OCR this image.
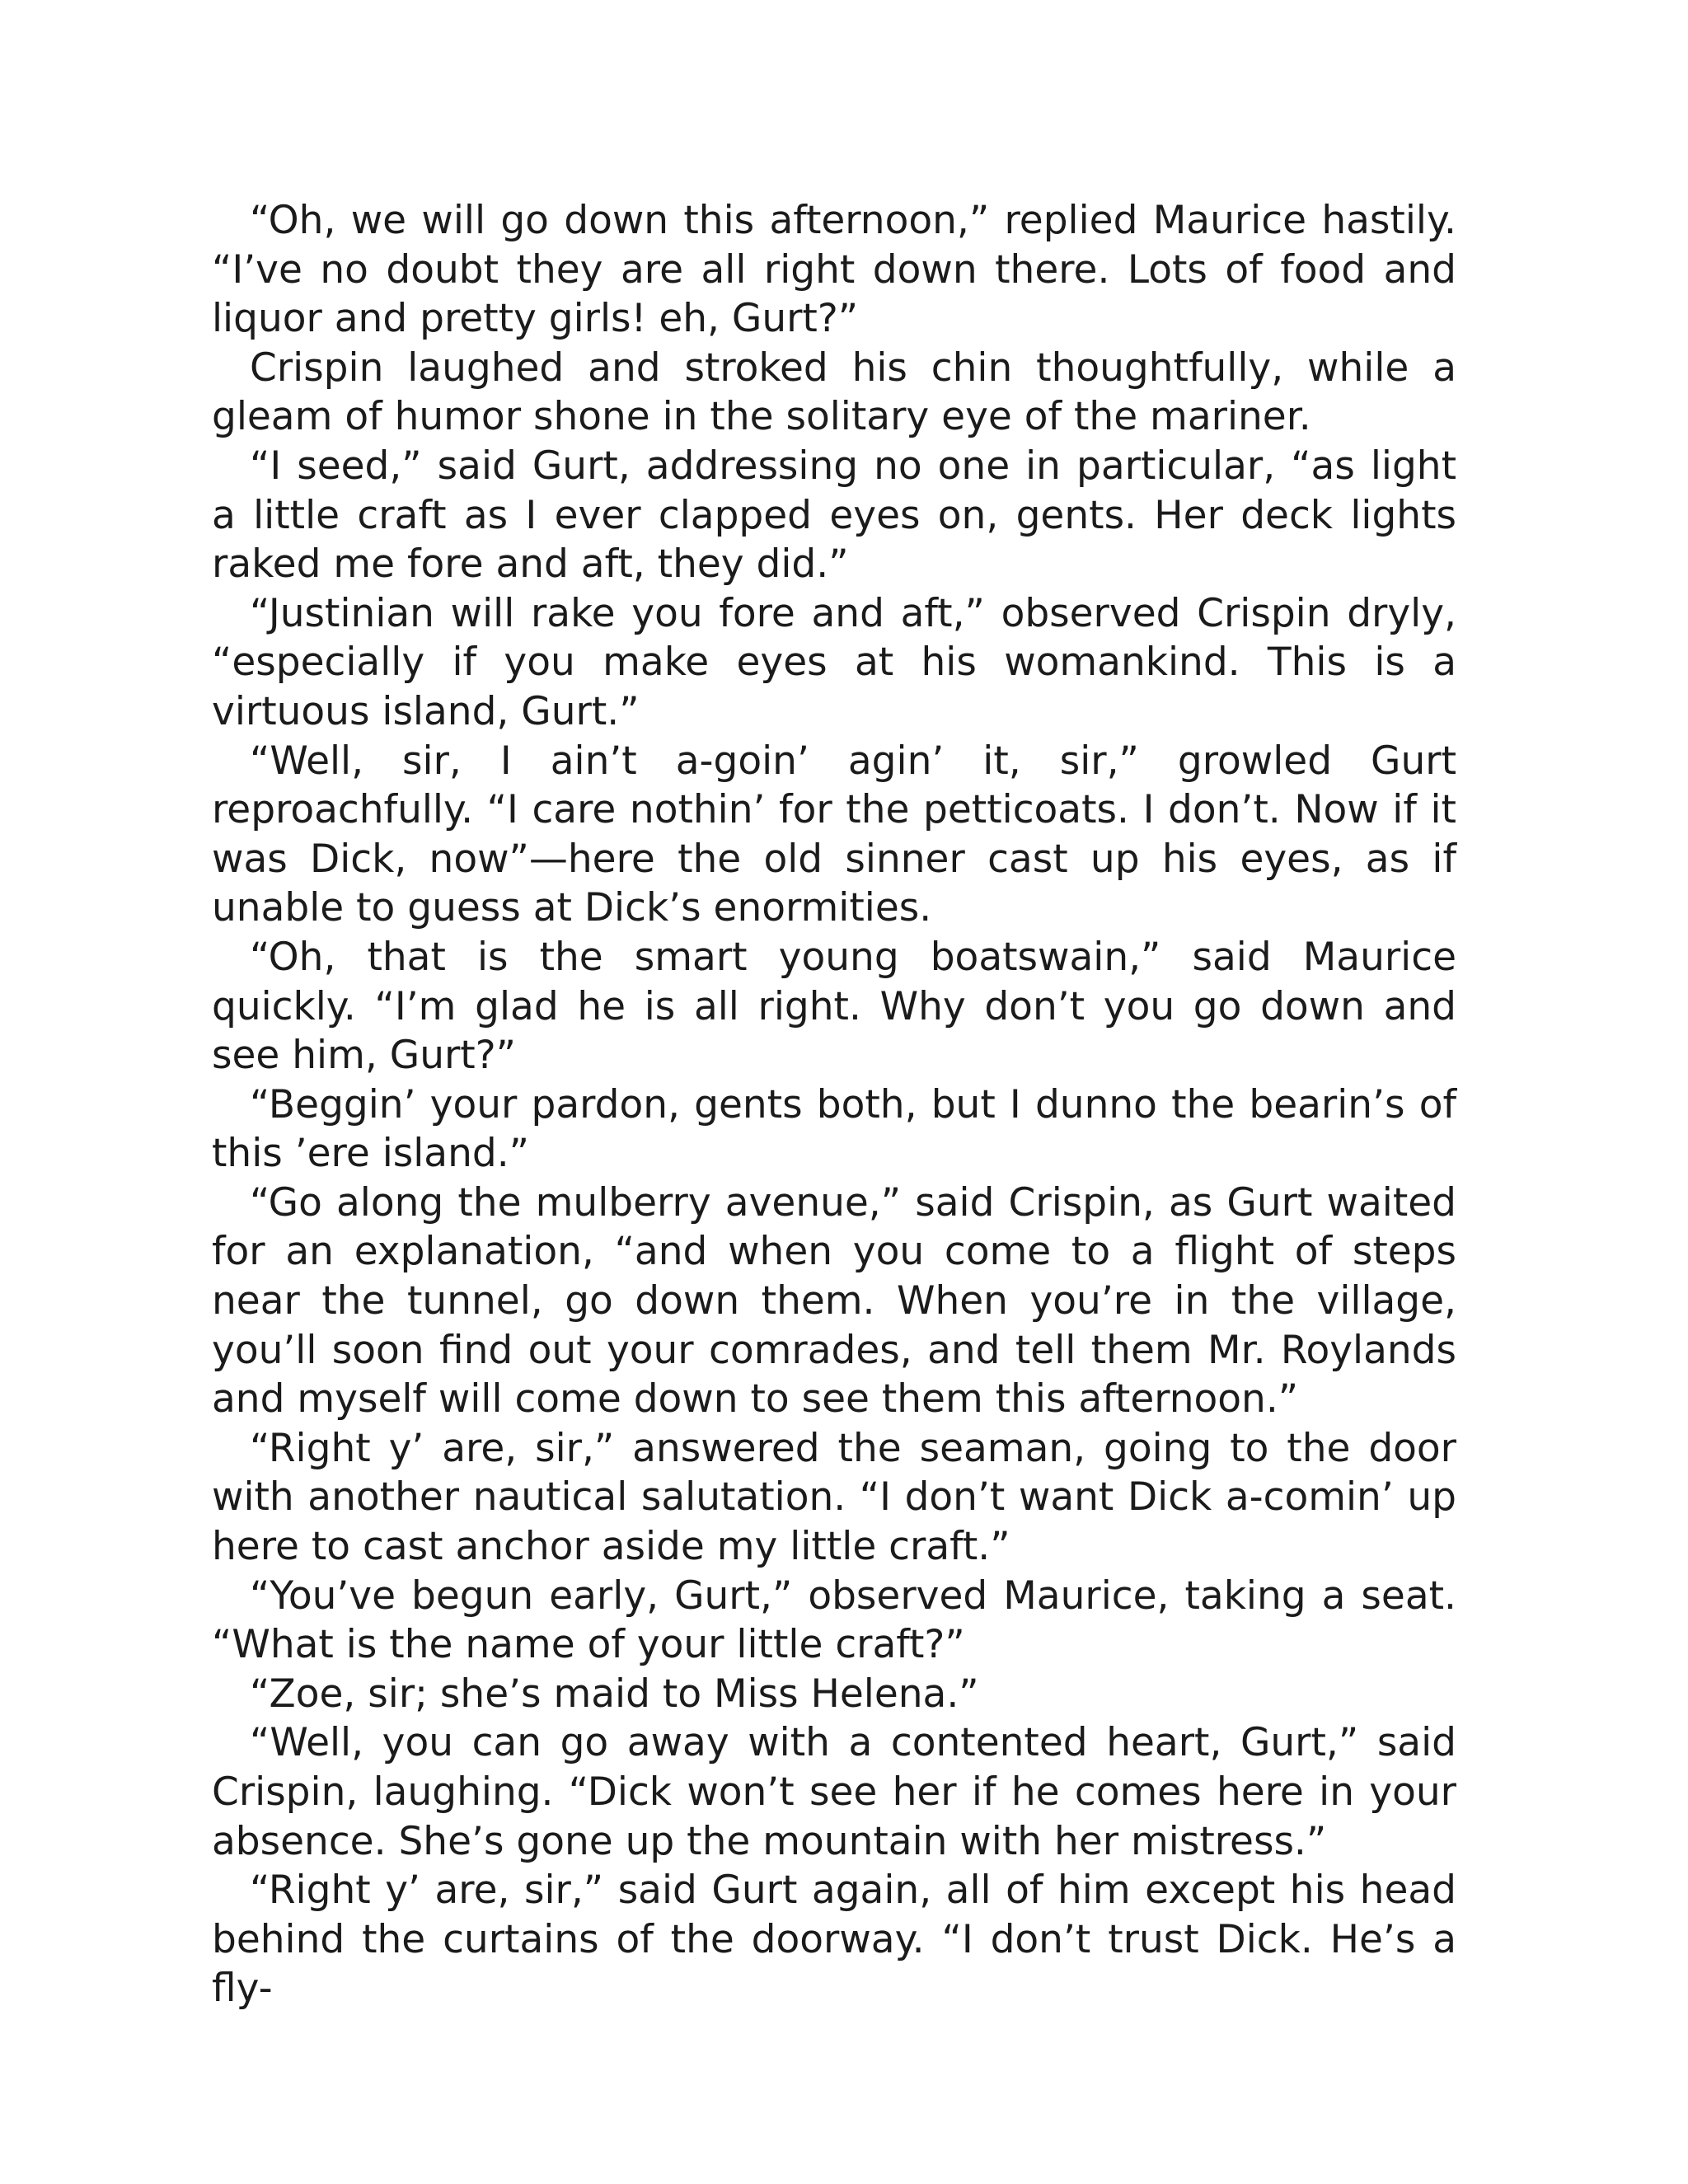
“Oh, we will go down this afternoon,” replied Maurice hastily. “I’ve no doubt they are all right down there. Lots of food and liquor and pretty girls! eh, Gurt?”

Crispin laughed and stroked his chin thoughtfully, while a gleam of humor shone in the solitary eye of the mariner.

“I seed,” said Gurt, addressing no one in particular, “as light a little craft as I ever clapped eyes on, gents. Her deck lights raked me fore and aft, they did.”

“Justinian will rake you fore and aft,” observed Crispin dryly, “especially if you make eyes at his womankind. This is a virtuous island, Gurt.”

“Well, sir, I ain’t a-goin’ agin’ it, sir,” growled Gurt reproachfully. “I care nothin’ for the petticoats. I don’t. Now if it was Dick, now”—here the old sinner cast up his eyes, as if unable to guess at Dick’s enormities.

“Oh, that is the smart young boatswain,” said Maurice quickly. “I’m glad he is all right. Why don’t you go down and see him, Gurt?”

“Beggin’ your pardon, gents both, but I dunno the bearin’s of this ’ere island.”

“Go along the mulberry avenue,” said Crispin, as Gurt waited for an explanation, “and when you come to a flight of steps near the tunnel, go down them. When you’re in the village, you’ll soon find out your comrades, and tell them Mr. Roylands and myself will come down to see them this afternoon.”

“Right y’ are, sir,” answered the seaman, going to the door with another nautical salutation. “I don’t want Dick a-comin’ up here to cast anchor aside my little craft.”

“You’ve begun early, Gurt,” observed Maurice, taking a seat. “What is the name of your little craft?”

“Zoe, sir; she’s maid to Miss Helena.”

“Well, you can go away with a contented heart, Gurt,” said Crispin, laughing. “Dick won’t see her if he comes here in your absence. She’s gone up the mountain with her mistress.”

“Right y’ are, sir,” said Gurt again, all of him except his head behind the curtains of the doorway. “I don’t trust Dick. He’s a fly-
